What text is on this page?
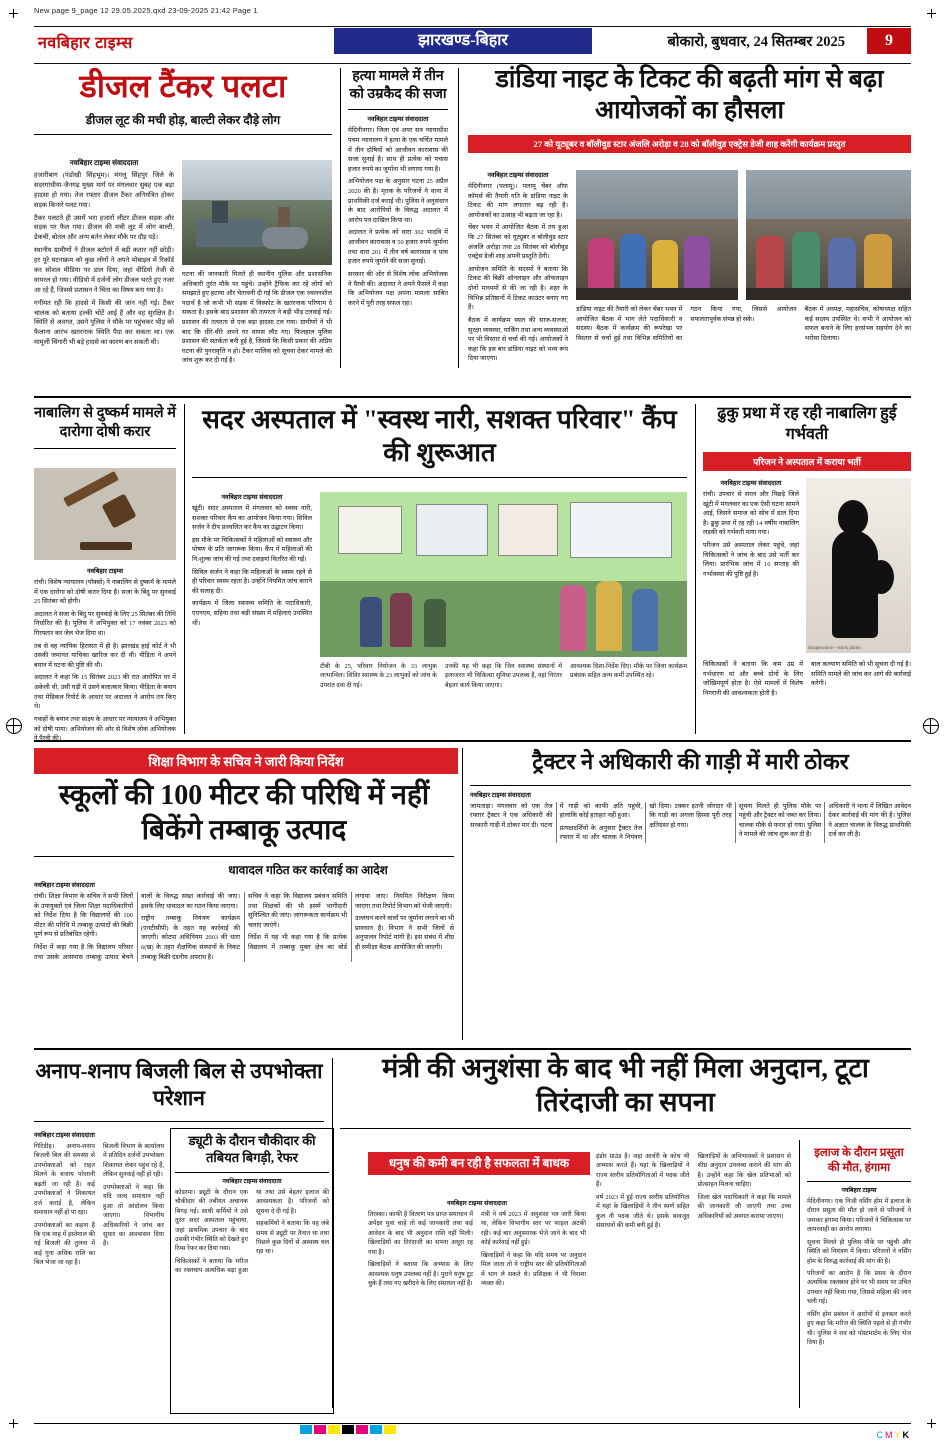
New page 9_page 12 29.05.2025.qxd 23-09-2025 21:42 Page 1
नवबिहार टाइम्स	झारखण्ड-बिहार	बोकारो, बुधवार, 24 सितम्बर 2025	9
डीजल टैंकर पलटा
डीजल लूट की मची होड़, बाल्टी लेकर दौड़े लोग
नवबिहार टाइम्स संवाददाता

हजारीबाग (पंडोखी सिंहभूम)। मंगलू सिंहपुर जिले के सदरगांधीया-जैनगढ़ मुख्य मार्ग पर मंगलवार सुबह एक बड़ा हादसा हो गया। तेज रफ्तार डीजल टैंकर अनियंत्रित होकर सड़क किनारे पलट गया।

टैंकर पलटते ही उसमें भरा हजारों लीटर डीजल सड़क और सड़क पर फैल गया। डीजल की मची लूट में लोग बाल्टी, डेकची, बोतल और अन्य बर्तन लेकर मौके पर दौड़ पड़े।

स्थानीय ग्रामीणों ने डीजल बटोरने में बड़ी कतार नहीं छोड़ी। हर पूरे घटनाक्रम को कुछ लोगों ने अपने मोबाइल में रिकॉर्ड कर सोशल मीडिया पर डाल दिया, जहां वीडियो तेजी से वायरल हो गया। वीडियो में दर्जनों लोग डीजल भरते हुए नजर आ रहे हैं, जिससे प्रशासन ने चिंता का विषय बना गया है।

गनीमत रही कि हादसे में किसी की जान नहीं गई। टैंकर चालक को बताया हल्की चोटें आई हैं और वह सुरक्षित है। स्थिति से अवगत, उसने पुलिस ने मौके पर पहुंचकर भीड़ को फैलाना आरंभ खतरनाक स्थिति पैदा कर सकता था। एक मामूली चिंगारी भी बड़े हादसे का कारण बन सकती थी।

घटना की जानकारी मिलते ही स्थानीय पुलिस और प्रशासनिक अधिकारी तुरंत मौके पर पहुंचे। उन्होंने ट्रैफिक कर रहे लोगों को समझाते हुए हटाया और चेतावनी दी गई कि डीजल एक ज्वलनशील पदार्थ है जो कभी भी सड़क में विस्फोट के खतरनाक परिणाम दे सकता है। इसके बाद प्रशासन की तत्परता ने बड़ी भीड़ टलवाई गई। प्रशासन की तत्परता से एक बड़ा हादसा टल गया। ग्रामीणों ने भी बाद कि धीरे-धीरे अपने घर वापस लौट गए। फिलहाल पुलिस प्रशासन की सतर्कता बनी हुई है, जिससे कि किसी प्रकार की अप्रिय घटना की पुनरावृत्ति न हो। टैंकर मालिक को सूचना देकर मामले की जांच शुरू कर दी गई है।

हत्या मामले में तीन को उम्रकैद की सजा
नवबिहार टाइम्स संवाददाता

मेदिनीनगर। जिला एवं अपर सत्र न्यायाधीश पंचम न्यायालय ने हत्या के एक चर्चित मामले में तीन दोषियों को आजीवन कारावास की सजा सुनाई है। साथ ही प्रत्येक को पचास हजार रुपये का जुर्माना भी लगाया गया है।

अभियोजन पक्ष के अनुसार घटना 25 अप्रैल 2020 की है। मृतक के परिजनों ने थाना में प्राथमिकी दर्ज कराई थी। पुलिस ने अनुसंधान के बाद आरोपियों के विरुद्ध अदालत में आरोप पत्र दाखिल किया था।

अदालत ने प्रत्येक को धारा 302 भादवि में आजीवन कारावास व 50 हजार रुपये जुर्माना तथा धारा 201 में तीन वर्ष कारावास व पांच हजार रुपये जुर्माने की सजा सुनाई।

सरकार की ओर से विशेष लोक अभियोजक ने पैरवी की। अदालत ने अपने फैसले में कहा कि अभियोजन पक्ष अपना मामला साबित करने में पूरी तरह सफल रहा।

डांडिया नाइट के टिकट की बढ़ती मांग से बढ़ा आयोजकों का हौसला
27 को यूट्यूबर व बॉलीवुड स्टार अंजलि अरोड़ा व 28 को बॉलीवुड एक्ट्रेस डेजी शाह करेंगी कार्यक्रम प्रस्तुत
नवबिहार टाइम्स संवाददाता

मेदिनीनगर (पलामू)। पलामू चेंबर ऑफ कॉमर्स की तैयारी गति के डांडिया नाइट के टिकट की मांग लगातार बढ़ रही है। आयोजकों का उत्साह भी बढ़ता जा रहा है।

चेंबर भवन में आयोजित बैठक में तय हुआ कि 27 सितंबर को यूट्यूबर व बॉलीवुड स्टार अंजलि अरोड़ा तथा 28 सितंबर को बॉलीवुड एक्ट्रेस डेजी शाह अपनी प्रस्तुति देंगी।

आयोजन समिति के सदस्यों ने बताया कि टिकट की बिक्री ऑनलाइन और ऑफलाइन दोनों माध्यमों से की जा रही है। शहर के विभिन्न प्रतिष्ठानों में टिकट काउंटर बनाए गए हैं।

बैठक में कार्यक्रम स्थल की साज-सज्जा, सुरक्षा व्यवस्था, पार्किंग तथा अन्य व्यवस्थाओं पर भी विस्तार से चर्चा की गई। आयोजकों ने कहा कि इस बार डांडिया नाइट को भव्य रूप दिया जाएगा।

डांडिया नाइट की तैयारी को लेकर चेंबर भवन में आयोजित बैठक में भाग लेते पदाधिकारी व सदस्य। बैठक में कार्यक्रम की रूपरेखा पर विस्तार से चर्चा हुई तथा विभिन्न समितियों का गठन किया गया, जिससे आयोजन सफलतापूर्वक संपन्न हो सके।

बैठक में अध्यक्ष, महासचिव, कोषाध्यक्ष सहित कई सदस्य उपस्थित थे। सभी ने आयोजन को सफल बनाने के लिए हरसंभव सहयोग देने का भरोसा दिलाया।

नाबालिग से दुष्कर्म मामले में दारोगा दोषी करार
नवबिहार टाइम्स

रांची। विशेष न्यायालय (पॉक्सो) ने नाबालिग से दुष्कर्म के मामले में एक दारोगा को दोषी करार दिया है। सजा के बिंदु पर सुनवाई 25 सितंबर को होगी।

अदालत ने सजा के बिंदु पर सुनवाई के लिए 25 सितंबर की तिथि निर्धारित की है। पुलिस ने अभियुक्त को 17 नवंबर 2023 को गिरफ्तार कर जेल भेज दिया था।

तब से वह न्यायिक हिरासत में ही है। झारखंड हाई कोर्ट ने भी उसकी जमानत याचिका खारिज कर दी थी। पीड़िता ने अपने बयान में घटना की पुष्टि की थी।

अदालत ने कहा कि 15 सितंबर 2023 की रात आरोपित घर में अकेली थी, उसी घड़ी में उसने बलात्कार किया। पीड़िता के बयान तथा मेडिकल रिपोर्ट के आधार पर अदालत ने आरोप तय किए थे।

गवाहों के बयान तथा साक्ष्य के आधार पर न्यायालय ने अभियुक्त को दोषी पाया। अभियोजन की ओर से विशेष लोक अभियोजक ने पैरवी की।

सदर अस्पताल में "स्वस्थ नारी, सशक्त परिवार" कैंप की शुरूआत
नवबिहार टाइम्स संवाददाता

खूंटी। सदर अस्पताल में मंगलवार को स्वस्थ नारी, सशक्त परिवार कैंप का आयोजन किया गया। सिविल सर्जन ने दीप प्रज्वलित कर कैंप का उद्घाटन किया।

इस मौके पर चिकित्सकों ने महिलाओं को स्वास्थ्य और पोषण के प्रति जागरूक किया। कैंप में महिलाओं की नि:शुल्क जांच की गई तथा दवाइयां वितरित की गईं।

सिविल सर्जन ने कहा कि महिलाओं के स्वस्थ रहने से ही परिवार स्वस्थ रहता है। उन्होंने नियमित जांच कराने की सलाह दी।

कार्यक्रम में जिला स्वास्थ्य समिति के पदाधिकारी, एएनएम, सहिया तथा बड़ी संख्या में महिलाएं उपस्थित थीं।

टीबी के 25, परिवार नियोजन के 33 लाभुक लाभान्वित। शिविर स्वास्थ्य के 23 लाभुकों को जांच के उपरांत दवा दी गई।

उनकी यह भी कहा कि जिन स्वास्थ्य संस्थानों में इलाजरत भी चिकित्सा सुविधा उपलब्ध है, वहां निरंतर बेहतर कार्य किया जाएगा।

आवश्यक दिशा-निर्देश दिए। मौके पर जिला कार्यक्रम प्रबंधक सहित अन्य कर्मी उपस्थित रहे।

ढुकु प्रथा में रह रही नाबालिग हुई गर्भवती
परिजन ने अस्पताल में कराया भर्ती
नवबिहार टाइम्स संवाददाता

रांची। उपचार से सरल और पिछड़े जिले खूंटी में मंगलवार का एक ऐसी घटना सामने आई, जिसने समाज को सोच में डाल दिया है। ढुकु प्रथा में रह रही 14 वर्षीय नाबालिग लड़की को गर्भवती पाया गया।

परिजन उसे अस्पताल लेकर पहुंचे, जहां चिकित्सकों ने जांच के बाद उसे भर्ती कर लिया। प्रारंभिक जांच में 16 सप्ताह की गर्भावस्था की पुष्टि हुई है।

imagesource - stock photo

चिकित्सकों ने बताया कि कम उम्र में गर्भधारण मां और बच्चे दोनों के लिए जोखिमपूर्ण होता है। ऐसे मामलों में विशेष निगरानी की आवश्यकता होती है।

बाल कल्याण समिति को भी सूचना दी गई है। समिति मामले की जांच कर आगे की कार्रवाई करेगी।

शिक्षा विभाग के सचिव ने जारी किया निर्देश
स्कूलों की 100 मीटर की परिधि में नहीं बिकेंगे तम्बाकू उत्पाद
धावादल गठित कर कार्रवाई का आदेश
नवबिहार टाइम्स संवाददाता

रांची। शिक्षा विभाग के सचिव ने सभी जिलों के उपायुक्तों एवं जिला शिक्षा पदाधिकारियों को निर्देश दिया है कि विद्यालयों की 100 मीटर की परिधि में तम्बाकू उत्पादों की बिक्री पूर्ण रूप से प्रतिबंधित रहेगी।

निर्देश में कहा गया है कि विद्यालय परिसर तथा उसके आसपास तम्बाकू उत्पाद बेचने वालों के विरुद्ध सख्त कार्रवाई की जाए। इसके लिए धावादल का गठन किया जाएगा।

राष्ट्रीय तम्बाकू नियंत्रण कार्यक्रम (एनटीसीपी) के तहत यह कार्रवाई की जाएगी। कोटपा अधिनियम 2003 की धारा 6(ख) के तहत शैक्षणिक संस्थानों के निकट तम्बाकू बिक्री दंडनीय अपराध है।

सचिव ने कहा कि विद्यालय प्रबंधन समिति तथा शिक्षकों की भी इसमें भागीदारी सुनिश्चित की जाए। जागरूकता कार्यक्रम भी चलाए जाएंगे।

निर्देश में यह भी कहा गया है कि प्रत्येक विद्यालय में तम्बाकू मुक्त क्षेत्र का बोर्ड लगाया जाए। नियमित निरीक्षण किया जाएगा तथा रिपोर्ट विभाग को भेजी जाएगी।

उल्लंघन करने वालों पर जुर्माना लगाने का भी प्रावधान है। विभाग ने सभी जिलों से अनुपालन रिपोर्ट मांगी है। इस संबंध में शीघ्र ही समीक्षा बैठक आयोजित की जाएगी।

ट्रैक्टर ने अधिकारी की गाड़ी में मारी ठोकर
नवबिहार टाइम्स संवाददाता

जामताड़ा। मंगलवार को एक तेज रफ्तार ट्रैक्टर ने एक अधिकारी की सरकारी गाड़ी में ठोकर मार दी। घटना में गाड़ी को काफी क्षति पहुंची, हालांकि कोई हताहत नहीं हुआ।

प्रत्यक्षदर्शियों के अनुसार ट्रैक्टर तेज रफ्तार में था और चालक ने नियंत्रण खो दिया। टक्कर इतनी जोरदार थी कि गाड़ी का अगला हिस्सा पूरी तरह क्षतिग्रस्त हो गया।

सूचना मिलते ही पुलिस मौके पर पहुंची और ट्रैक्टर को जब्त कर लिया। चालक मौके से फरार हो गया। पुलिस ने मामले की जांच शुरू कर दी है।

अधिकारी ने थाना में लिखित आवेदन देकर कार्रवाई की मांग की है। पुलिस ने अज्ञात चालक के विरुद्ध प्राथमिकी दर्ज कर ली है।

अनाप-शनाप बिजली बिल से उपभोक्ता परेशान
नवबिहार टाइम्स संवाददाता

गिरिडीह। अनाप-शनाप बिजली बिल की समस्या से उपभोक्ताओं को राहत मिलने के बजाय परेशानी बढ़ती जा रही है। कई उपभोक्ताओं ने शिकायत दर्ज कराई है, लेकिन समाधान नहीं हो पा रहा।

उपभोक्ताओं का कहना है कि एक माह में इस्तेमाल की गई बिजली की तुलना में कई गुना अधिक राशि का बिल भेजा जा रहा है।

बिजली विभाग के कार्यालय में प्रतिदिन दर्जनों उपभोक्ता शिकायत लेकर पहुंच रहे हैं, लेकिन सुनवाई नहीं हो रही।

उपभोक्ताओं ने कहा कि यदि जल्द समाधान नहीं हुआ तो आंदोलन किया जाएगा। विभागीय अधिकारियों ने जांच कर सुधार का आश्वासन दिया है।

ड्यूटी के दौरान चौकीदार की तबियत बिगड़ी, रेफर
नवबिहार टाइम्स संवाददाता

कोडरमा। ड्यूटी के दौरान एक चौकीदार की तबीयत अचानक बिगड़ गई। साथी कर्मियों ने उसे तुरंत सदर अस्पताल पहुंचाया, जहां प्राथमिक उपचार के बाद उसकी गंभीर स्थिति को देखते हुए रिम्स रेफर कर दिया गया।

चिकित्सकों ने बताया कि मरीज का रक्तचाप अत्यधिक बढ़ा हुआ था तथा उसे बेहतर इलाज की आवश्यकता है। परिजनों को सूचना दे दी गई है।

सहकर्मियों ने बताया कि वह लंबे समय से ड्यूटी पर तैनात था तथा पिछले कुछ दिनों से अस्वस्थ चल रहा था।

मंत्री की अनुशंसा के बाद भी नहीं मिला अनुदान, टूटा तिरंदाजी का सपना
धनुष की कमी बन रही है सफलता में बाधक
नवबिहार टाइम्स संवाददाता

तिरस्का। काफी है वितरण पत्र प्राप्त समाधान में अपेक्षा युवा चाहे तो कई जानकारी तथा कई आवेदन के बाद भी अनुदान राशि नहीं मिली। खिलाड़ियों का तिरंदाजी का सपना अधूरा रह गया है।

खिलाड़ियों ने बताया कि अभ्यास के लिए आवश्यक धनुष उपलब्ध नहीं है। पुराने धनुष टूट चुके हैं तथा नए खरीदने के लिए संसाधन नहीं हैं।

मंत्री ने वर्ष 2023 में अनुशंसा पत्र जारी किया था, लेकिन विभागीय स्तर पर फाइल अटकी रही। कई बार अनुस्मारक भेजे जाने के बाद भी कोई कार्रवाई नहीं हुई।

खिलाड़ियों ने कहा कि यदि समय पर अनुदान मिल जाता तो वे राष्ट्रीय स्तर की प्रतियोगिताओं में भाग ले सकते थे। प्रशिक्षक ने भी निराशा व्यक्त की।

इंडोर ग्राउंड है। जहां आर्चरी के कोच भी अभ्यास करते हैं। यहां के खिलाड़ियों ने राज्य स्तरीय प्रतियोगिताओं में पदक जीते हैं।

वर्ष 2023 में हुई राज्य स्तरीय प्रतियोगिता में यहां के खिलाड़ियों ने तीन स्वर्ण सहित कुल नौ पदक जीते थे। इसके बावजूद संसाधनों की कमी बनी हुई है।

खिलाड़ियों के अभिभावकों ने प्रशासन से शीघ्र अनुदान उपलब्ध कराने की मांग की है। उन्होंने कहा कि खेल प्रतिभाओं को प्रोत्साहन मिलना चाहिए।

जिला खेल पदाधिकारी ने कहा कि मामले की जानकारी ली जाएगी तथा उच्च अधिकारियों को अवगत कराया जाएगा।

इलाज के दौरान प्रसूता की मौत, हंगामा
नवबिहार टाइम्स

मेदिनीनगर। एक निजी नर्सिंग होम में इलाज के दौरान प्रसूता की मौत हो जाने से परिजनों ने जमकर हंगामा किया। परिजनों ने चिकित्सक पर लापरवाही का आरोप लगाया।

सूचना मिलते ही पुलिस मौके पर पहुंची और स्थिति को नियंत्रण में किया। परिजनों ने नर्सिंग होम के विरुद्ध कार्रवाई की मांग की है।

परिजनों का आरोप है कि प्रसव के दौरान अत्यधिक रक्तस्राव होने पर भी समय पर उचित उपचार नहीं किया गया, जिससे महिला की जान चली गई।

नर्सिंग होम प्रबंधन ने आरोपों से इनकार करते हुए कहा कि मरीज की स्थिति पहले से ही गंभीर थी। पुलिस ने शव को पोस्टमार्टम के लिए भेज दिया है।

CMYK
